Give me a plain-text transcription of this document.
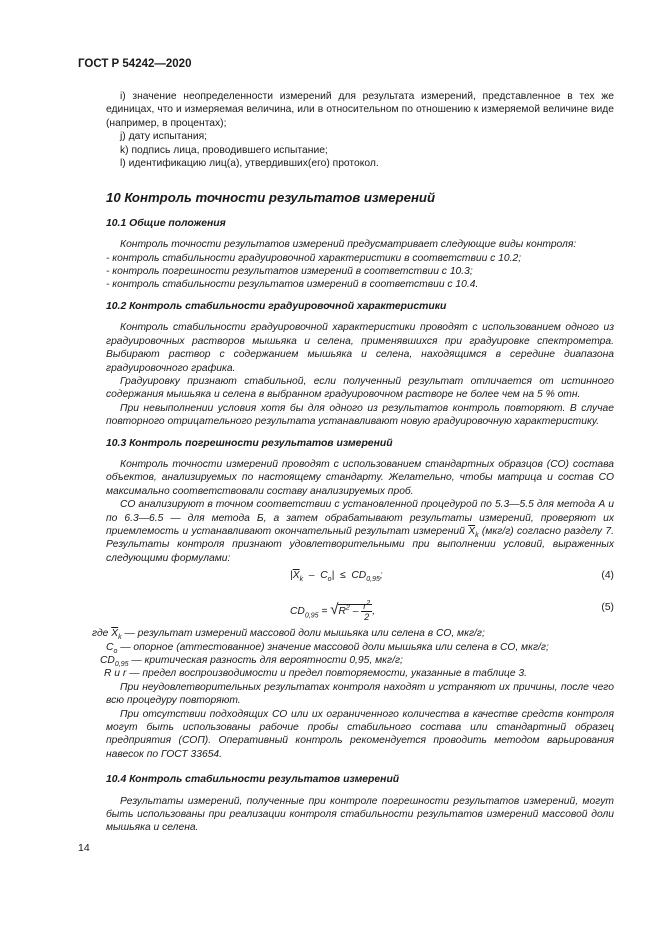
ГОСТ Р 54242—2020

i) значение неопределенности измерений для результата измерений, представленное в тех же единицах, что и измеряемая величина, или в относительном по отношению к измеряемой величине виде (например, в процентах);

j) дату испытания;

k) подпись лица, проводившего испытание;

l) идентификацию лиц(а), утвердивших(его) протокол.

10 Контроль точности результатов измерений

10.1 Общие положения

Контроль точности результатов измерений предусматривает следующие виды контроля:

- контроль стабильности градуировочной характеристики в соответствии с 10.2;

- контроль погрешности результатов измерений в соответствии с 10.3;

- контроль стабильности результатов измерений в соответствии с 10.4.

10.2 Контроль стабильности градуировочной характеристики

Контроль стабильности градуировочной характеристики проводят с использованием одного из градуировочных растворов мышьяка и селена, применявшихся при градуировке спектрометра. Выбирают раствор с содержанием мышьяка и селена, находящимся в середине диапазона градуировочного графика.

Градуировку признают стабильной, если полученный результат отличается от истинного содержания мышьяка и селена в выбранном градуировочном растворе не более чем на 5 % отн.

При невыполнении условия хотя бы для одного из результатов контроль повторяют. В случае повторного отрицательного результата устанавливают новую градуировочную характеристику.

10.3 Контроль погрешности результатов измерений

Контроль точности измерений проводят с использованием стандартных образцов (СО) состава объектов, анализируемых по настоящему стандарту. Желательно, чтобы матрица и состав СО максимально соответствовали составу анализируемых проб.

СО анализируют в точном соответствии с установленной процедурой по 5.3—5.5 для метода А и по 6.3—6.5 — для метода Б, а затем обрабатывают результаты измерений, проверяют их приемлемость и устанавливают окончательный результат измерений $\overline{X}_k$ (мкг/г) согласно разделу 7. Результаты контроля признают удовлетворительными при выполнении условий, выраженных следующими формулами:

$|\overline{X}_k - C_o| \le CD_{0,95}$;	(4)
$CD_{0,95} = √R^2 - \frac{r^2}{2}$ ,	(5)

где $\overline{X}_k$ — результат измерений массовой доли мышьяка или селена в СО, мкг/г;

$C_o$ — опорное (аттестованное) значение массовой доли мышьяка или селена в СО, мкг/г;

$CD_{0,95}$ — критическая разность для вероятности 0,95, мкг/г;

R и r — предел воспроизводимости и предел повторяемости, указанные в таблице 3.

При неудовлетворительных результатах контроля находят и устраняют их причины, после чего всю процедуру повторяют.

При отсутствии подходящих СО или их ограниченного количества в качестве средств контроля могут быть использованы рабочие пробы стабильного состава или стандартный образец предприятия (СОП). Оперативный контроль рекомендуется проводить методом варьирования навесок по ГОСТ 33654.

10.4 Контроль стабильности результатов измерений

Результаты измерений, полученные при контроле погрешности результатов измерений, могут быть использованы при реализации контроля стабильности результатов измерений массовой доли мышьяка и селена.

14
